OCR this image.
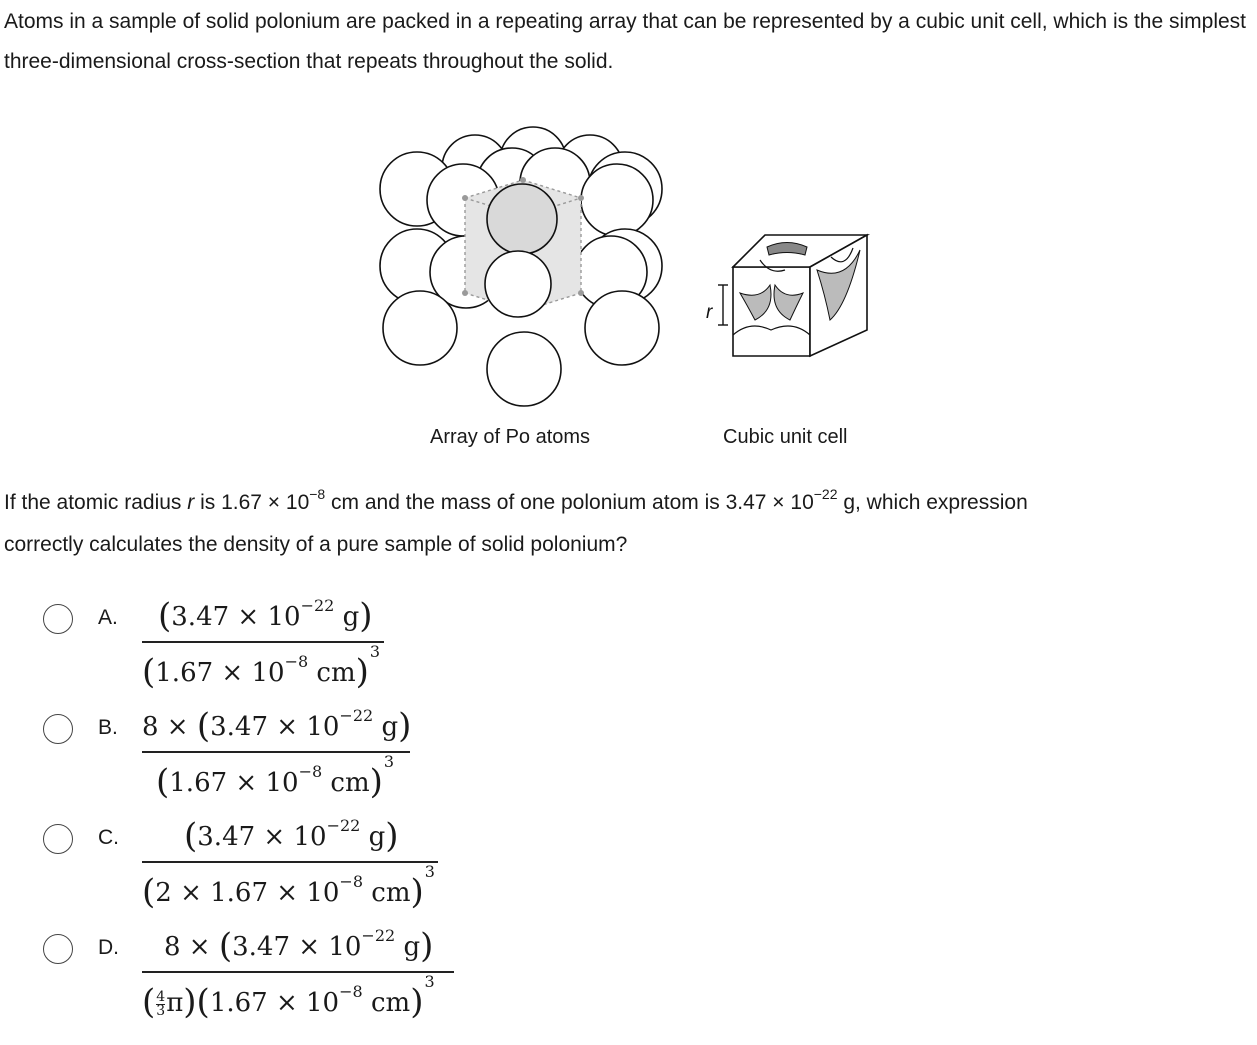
Atoms in a sample of solid polonium are packed in a repeating array that can be represented by a cubic unit cell, which is the simplest three-dimensional cross-section that repeats throughout the solid.

r
Array of Po atoms	Cubic unit cell
If the atomic radius r is $1.67 \times 10^{-8}$ cm and the mass of one polonium atom is $3.47 \times 10^{-22}$ g, which expression
correctly calculates the density of a pure sample of solid polonium?
A. ($3.47 \times 10^{-22}$ g)
($1.67 \times 10^{-8}$ cm)$^3$
B. $8 \times (3.47 \times 10^{-22}$ g)
($1.67 \times 10^{-8}$ cm)$^3$
C. ($3.47 \times 10^{-22}$ g)
($2 \times 1.67 \times 10^{-8}$ cm)$^3$
D. $8 \times (3.47 \times 10^{-22}$ g)
( $\frac{4}{3} \pi)(1.67 \times 10^{-8}$ cm)$^3$
